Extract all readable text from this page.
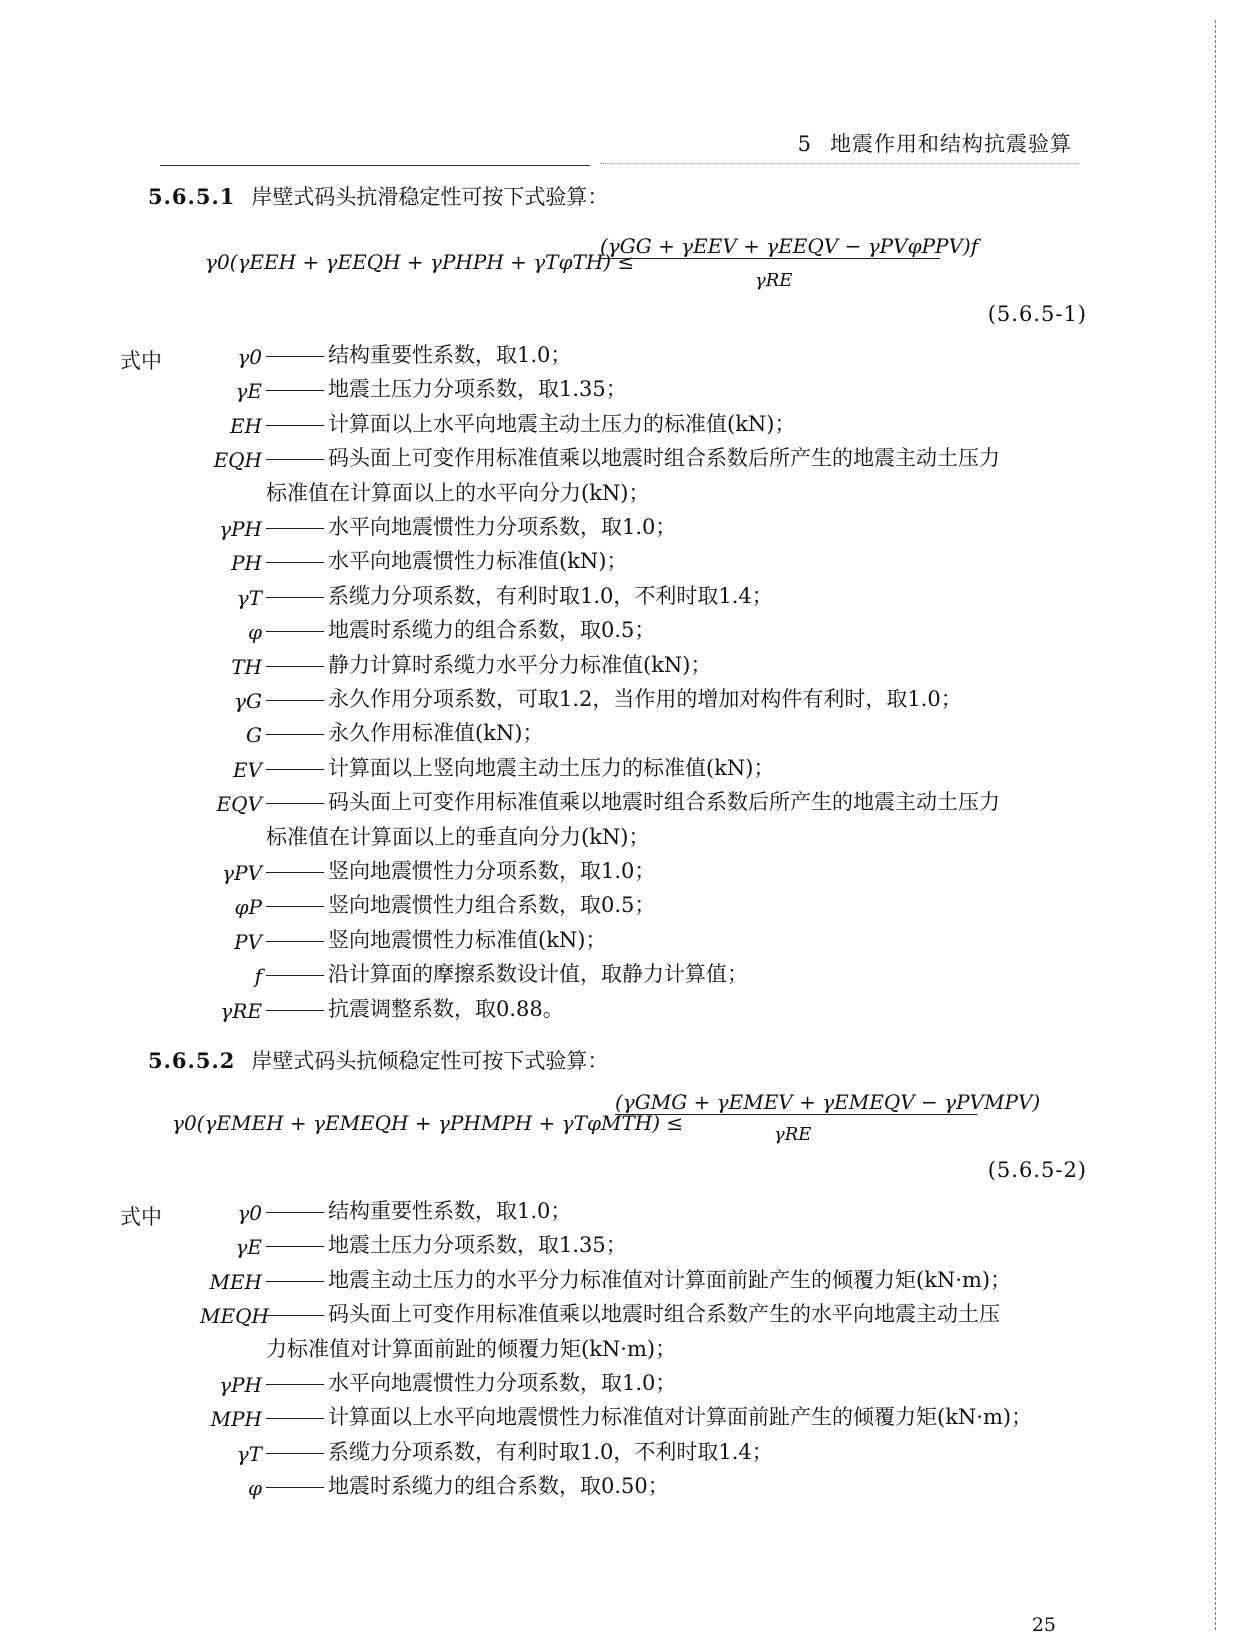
5 地震作用和结构抗震验算
5.6.5.1 岸壁式码头抗滑稳定性可按下式验算：
γ0(γEEH + γEEQH + γPHPH + γTφTH) ≤
(γGG + γEEV + γEEQV − γPVφPPV)f
γRE
(5.6.5-1)
式中	γ0	结构重要性系数，取1.0；
γE	地震土压力分项系数，取1.35；
EH	计算面以上水平向地震主动土压力的标准值(kN)；
EQH	码头面上可变作用标准值乘以地震时组合系数后所产生的地震主动土压力
标准值在计算面以上的水平向分力(kN)；
γPH	水平向地震惯性力分项系数，取1.0；
PH	水平向地震惯性力标准值(kN)；
γT	系缆力分项系数，有利时取1.0，不利时取1.4；
φ	地震时系缆力的组合系数，取0.5；
TH	静力计算时系缆力水平分力标准值(kN)；
γG	永久作用分项系数，可取1.2，当作用的增加对构件有利时，取1.0；
G	永久作用标准值(kN)；
EV	计算面以上竖向地震主动土压力的标准值(kN)；
EQV	码头面上可变作用标准值乘以地震时组合系数后所产生的地震主动土压力
标准值在计算面以上的垂直向分力(kN)；
γPV	竖向地震惯性力分项系数，取1.0；
φP	竖向地震惯性力组合系数，取0.5；
PV	竖向地震惯性力标准值(kN)；
f	沿计算面的摩擦系数设计值，取静力计算值；
γRE	抗震调整系数，取0.88。
5.6.5.2 岸壁式码头抗倾稳定性可按下式验算：
γ0(γEMEH + γEMEQH + γPHMPH + γTφMTH) ≤
(γGMG + γEMEV + γEMEQV − γPVMPV)
γRE
(5.6.5-2)
式中	γ0	结构重要性系数，取1.0；
γE	地震土压力分项系数，取1.35；
MEH	地震主动土压力的水平分力标准值对计算面前趾产生的倾覆力矩(kN·m)；
MEQH	码头面上可变作用标准值乘以地震时组合系数产生的水平向地震主动土压
力标准值对计算面前趾的倾覆力矩(kN·m)；
γPH	水平向地震惯性力分项系数，取1.0；
MPH	计算面以上水平向地震惯性力标准值对计算面前趾产生的倾覆力矩(kN·m)；
γT	系缆力分项系数，有利时取1.0，不利时取1.4；
φ	地震时系缆力的组合系数，取0.50；
25
